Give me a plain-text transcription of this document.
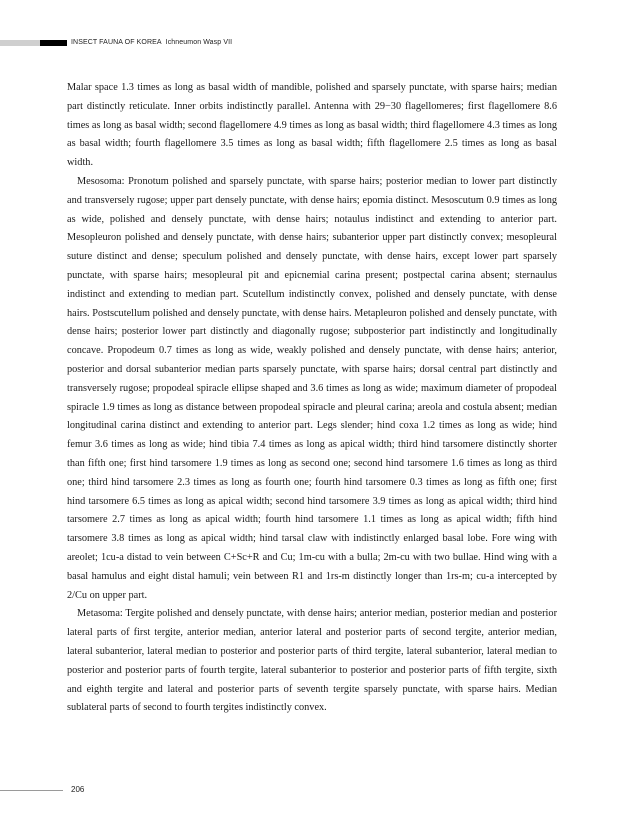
INSECT FAUNA OF KOREA Ichneumon Wasp VII

Malar space 1.3 times as long as basal width of mandible, polished and sparsely punctate, with sparse hairs; median part distinctly reticulate. Inner orbits indistinctly parallel. Antenna with 29−30 flagellomeres; first flagellomere 8.6 times as long as basal width; second flagellomere 4.9 times as long as basal width; third flagellomere 4.3 times as long as basal width; fourth flagellomere 3.5 times as long as basal width; fifth flagellomere 2.5 times as long as basal width.

Mesosoma: Pronotum polished and sparsely punctate, with sparse hairs; posterior median to lower part distinctly and transversely rugose; upper part densely punctate, with dense hairs; epomia distinct. Mesoscutum 0.9 times as long as wide, polished and densely punctate, with dense hairs; notaulus indistinct and extending to anterior part. Mesopleuron polished and densely punctate, with dense hairs; subanterior upper part distinctly convex; mesopleural suture distinct and dense; speculum polished and densely punctate, with dense hairs, except lower part sparsely punctate, with sparse hairs; mesopleural pit and epicnemial carina present; postpectal carina absent; sternaulus indistinct and extending to median part. Scutellum indistinctly convex, polished and densely punctate, with dense hairs. Postscutellum polished and densely punctate, with dense hairs. Metapleuron polished and densely punctate, with dense hairs; posterior lower part distinctly and diagonally rugose; subposterior part indistinctly and longitudinally concave. Propodeum 0.7 times as long as wide, weakly polished and densely punctate, with dense hairs; anterior, posterior and dorsal subanterior median parts sparsely punctate, with sparse hairs; dorsal central part distinctly and transversely rugose; propodeal spiracle ellipse shaped and 3.6 times as long as wide; maximum diameter of propodeal spiracle 1.9 times as long as distance between propodeal spiracle and pleural carina; areola and costula absent; median longitudinal carina distinct and extending to anterior part. Legs slender; hind coxa 1.2 times as long as wide; hind femur 3.6 times as long as wide; hind tibia 7.4 times as long as apical width; third hind tarsomere distinctly shorter than fifth one; first hind tarsomere 1.9 times as long as second one; second hind tarsomere 1.6 times as long as third one; third hind tarsomere 2.3 times as long as fourth one; fourth hind tarsomere 0.3 times as long as fifth one; first hind tarsomere 6.5 times as long as apical width; second hind tarsomere 3.9 times as long as apical width; third hind tarsomere 2.7 times as long as apical width; fourth hind tarsomere 1.1 times as long as apical width; fifth hind tarsomere 3.8 times as long as apical width; hind tarsal claw with indistinctly enlarged basal lobe. Fore wing with areolet; 1cu-a distad to vein between C+Sc+R and Cu; 1m-cu with a bulla; 2m-cu with two bullae. Hind wing with a basal hamulus and eight distal hamuli; vein between R1 and 1rs-m distinctly longer than 1rs-m; cu-a intercepted by 2/Cu on upper part.

Metasoma: Tergite polished and densely punctate, with dense hairs; anterior median, posterior median and posterior lateral parts of first tergite, anterior median, anterior lateral and posterior parts of second tergite, anterior median, lateral subanterior, lateral median to posterior and posterior parts of third tergite, lateral subanterior, lateral median to posterior and posterior parts of fourth tergite, lateral subanterior to posterior and posterior parts of fifth tergite, sixth and eighth tergite and lateral and posterior parts of seventh tergite sparsely punctate, with sparse hairs. Median sublateral parts of second to fourth tergites indistinctly convex.

206
